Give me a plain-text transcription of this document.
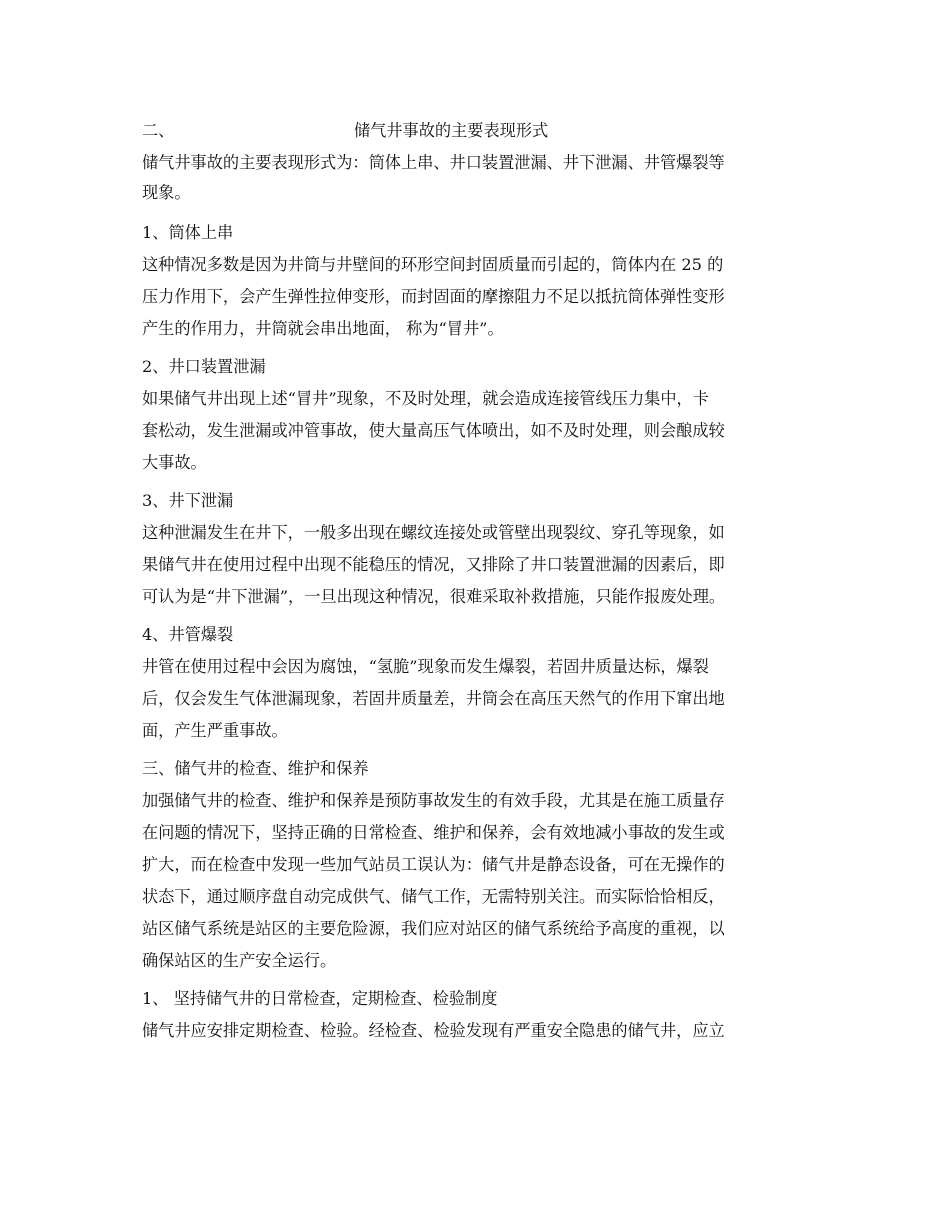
二、	储气井事故的主要表现形式
储气井事故的主要表现形式为：筒体上串、井口装置泄漏、井下泄漏、井管爆裂等
现象。
1、筒体上串
这种情况多数是因为井筒与井壁间的环形空间封固质量而引起的，筒体内在 25 的
压力作用下，会产生弹性拉伸变形，而封固面的摩擦阻力不足以抵抗筒体弹性变形
产生的作用力，井筒就会串出地面， 称为“冒井”。
2、井口装置泄漏
如果储气井出现上述“冒井”现象，不及时处理，就会造成连接管线压力集中，卡
套松动，发生泄漏或冲管事故，使大量高压气体喷出，如不及时处理，则会酿成较
大事故。
3、井下泄漏
这种泄漏发生在井下，一般多出现在螺纹连接处或管壁出现裂纹、穿孔等现象，如
果储气井在使用过程中出现不能稳压的情况，又排除了井口装置泄漏的因素后，即
可认为是“井下泄漏”，一旦出现这种情况，很难采取补救措施，只能作报废处理。
4、井管爆裂
井管在使用过程中会因为腐蚀，“氢脆”现象而发生爆裂，若固井质量达标，爆裂
后，仅会发生气体泄漏现象，若固井质量差，井筒会在高压天然气的作用下窜出地
面，产生严重事故。
三、储气井的检查、维护和保养
加强储气井的检查、维护和保养是预防事故发生的有效手段，尤其是在施工质量存
在问题的情况下，坚持正确的日常检查、维护和保养，会有效地减小事故的发生或
扩大，而在检查中发现一些加气站员工误认为：储气井是静态设备，可在无操作的
状态下，通过顺序盘自动完成供气、储气工作，无需特别关注。而实际恰恰相反，
站区储气系统是站区的主要危险源，我们应对站区的储气系统给予高度的重视，以
确保站区的生产安全运行。
1、 坚持储气井的日常检查，定期检查、检验制度
储气井应安排定期检查、检验。经检查、检验发现有严重安全隐患的储气井，应立
